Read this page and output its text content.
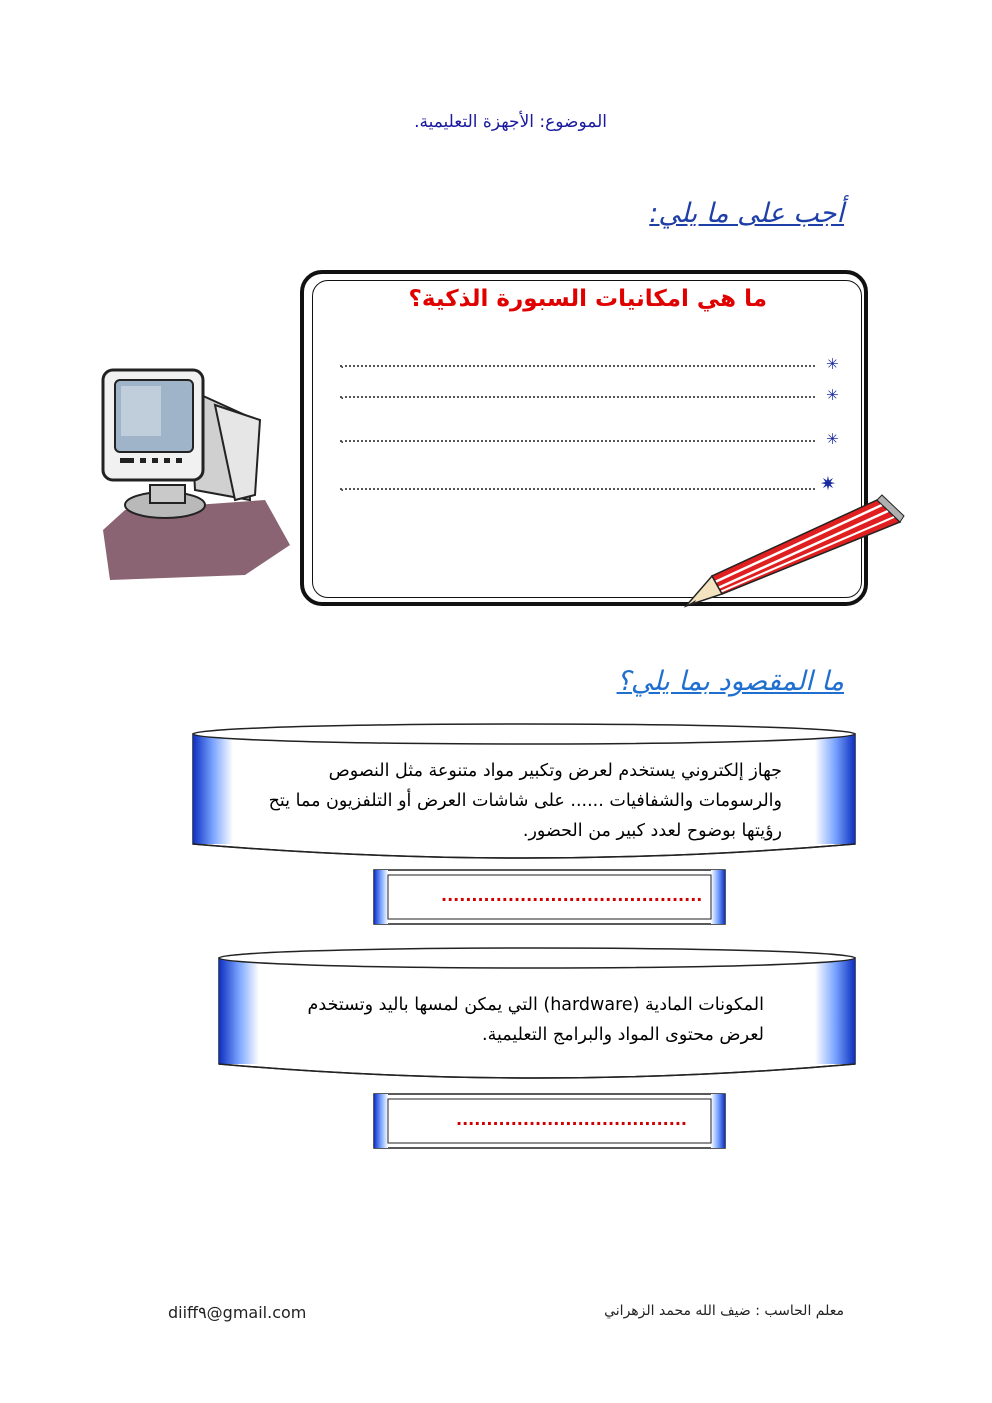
الموضوع: الأجهزة التعليمية.
أجب على ما يلي:
ما هي امكانيات السبورة الذكية؟
.
.
.
.
✳
✳
✳
✷
ما المقصود بما يلي؟
جهاز إلكتروني يستخدم لعرض وتكبير مواد متنوعة مثل النصوص والرسومات والشفافيات ...... على شاشات العرض أو التلفزيون مما يتح رؤيتها بوضوح لعدد كبير من الحضور.
...........................................
المكونات المادية (hardware) التي يمكن لمسها باليد وتستخدم لعرض محتوى المواد والبرامج التعليمية.
......................................
diiff٩@gmail.com	معلم الحاسب : ضيف الله محمد الزهراني
